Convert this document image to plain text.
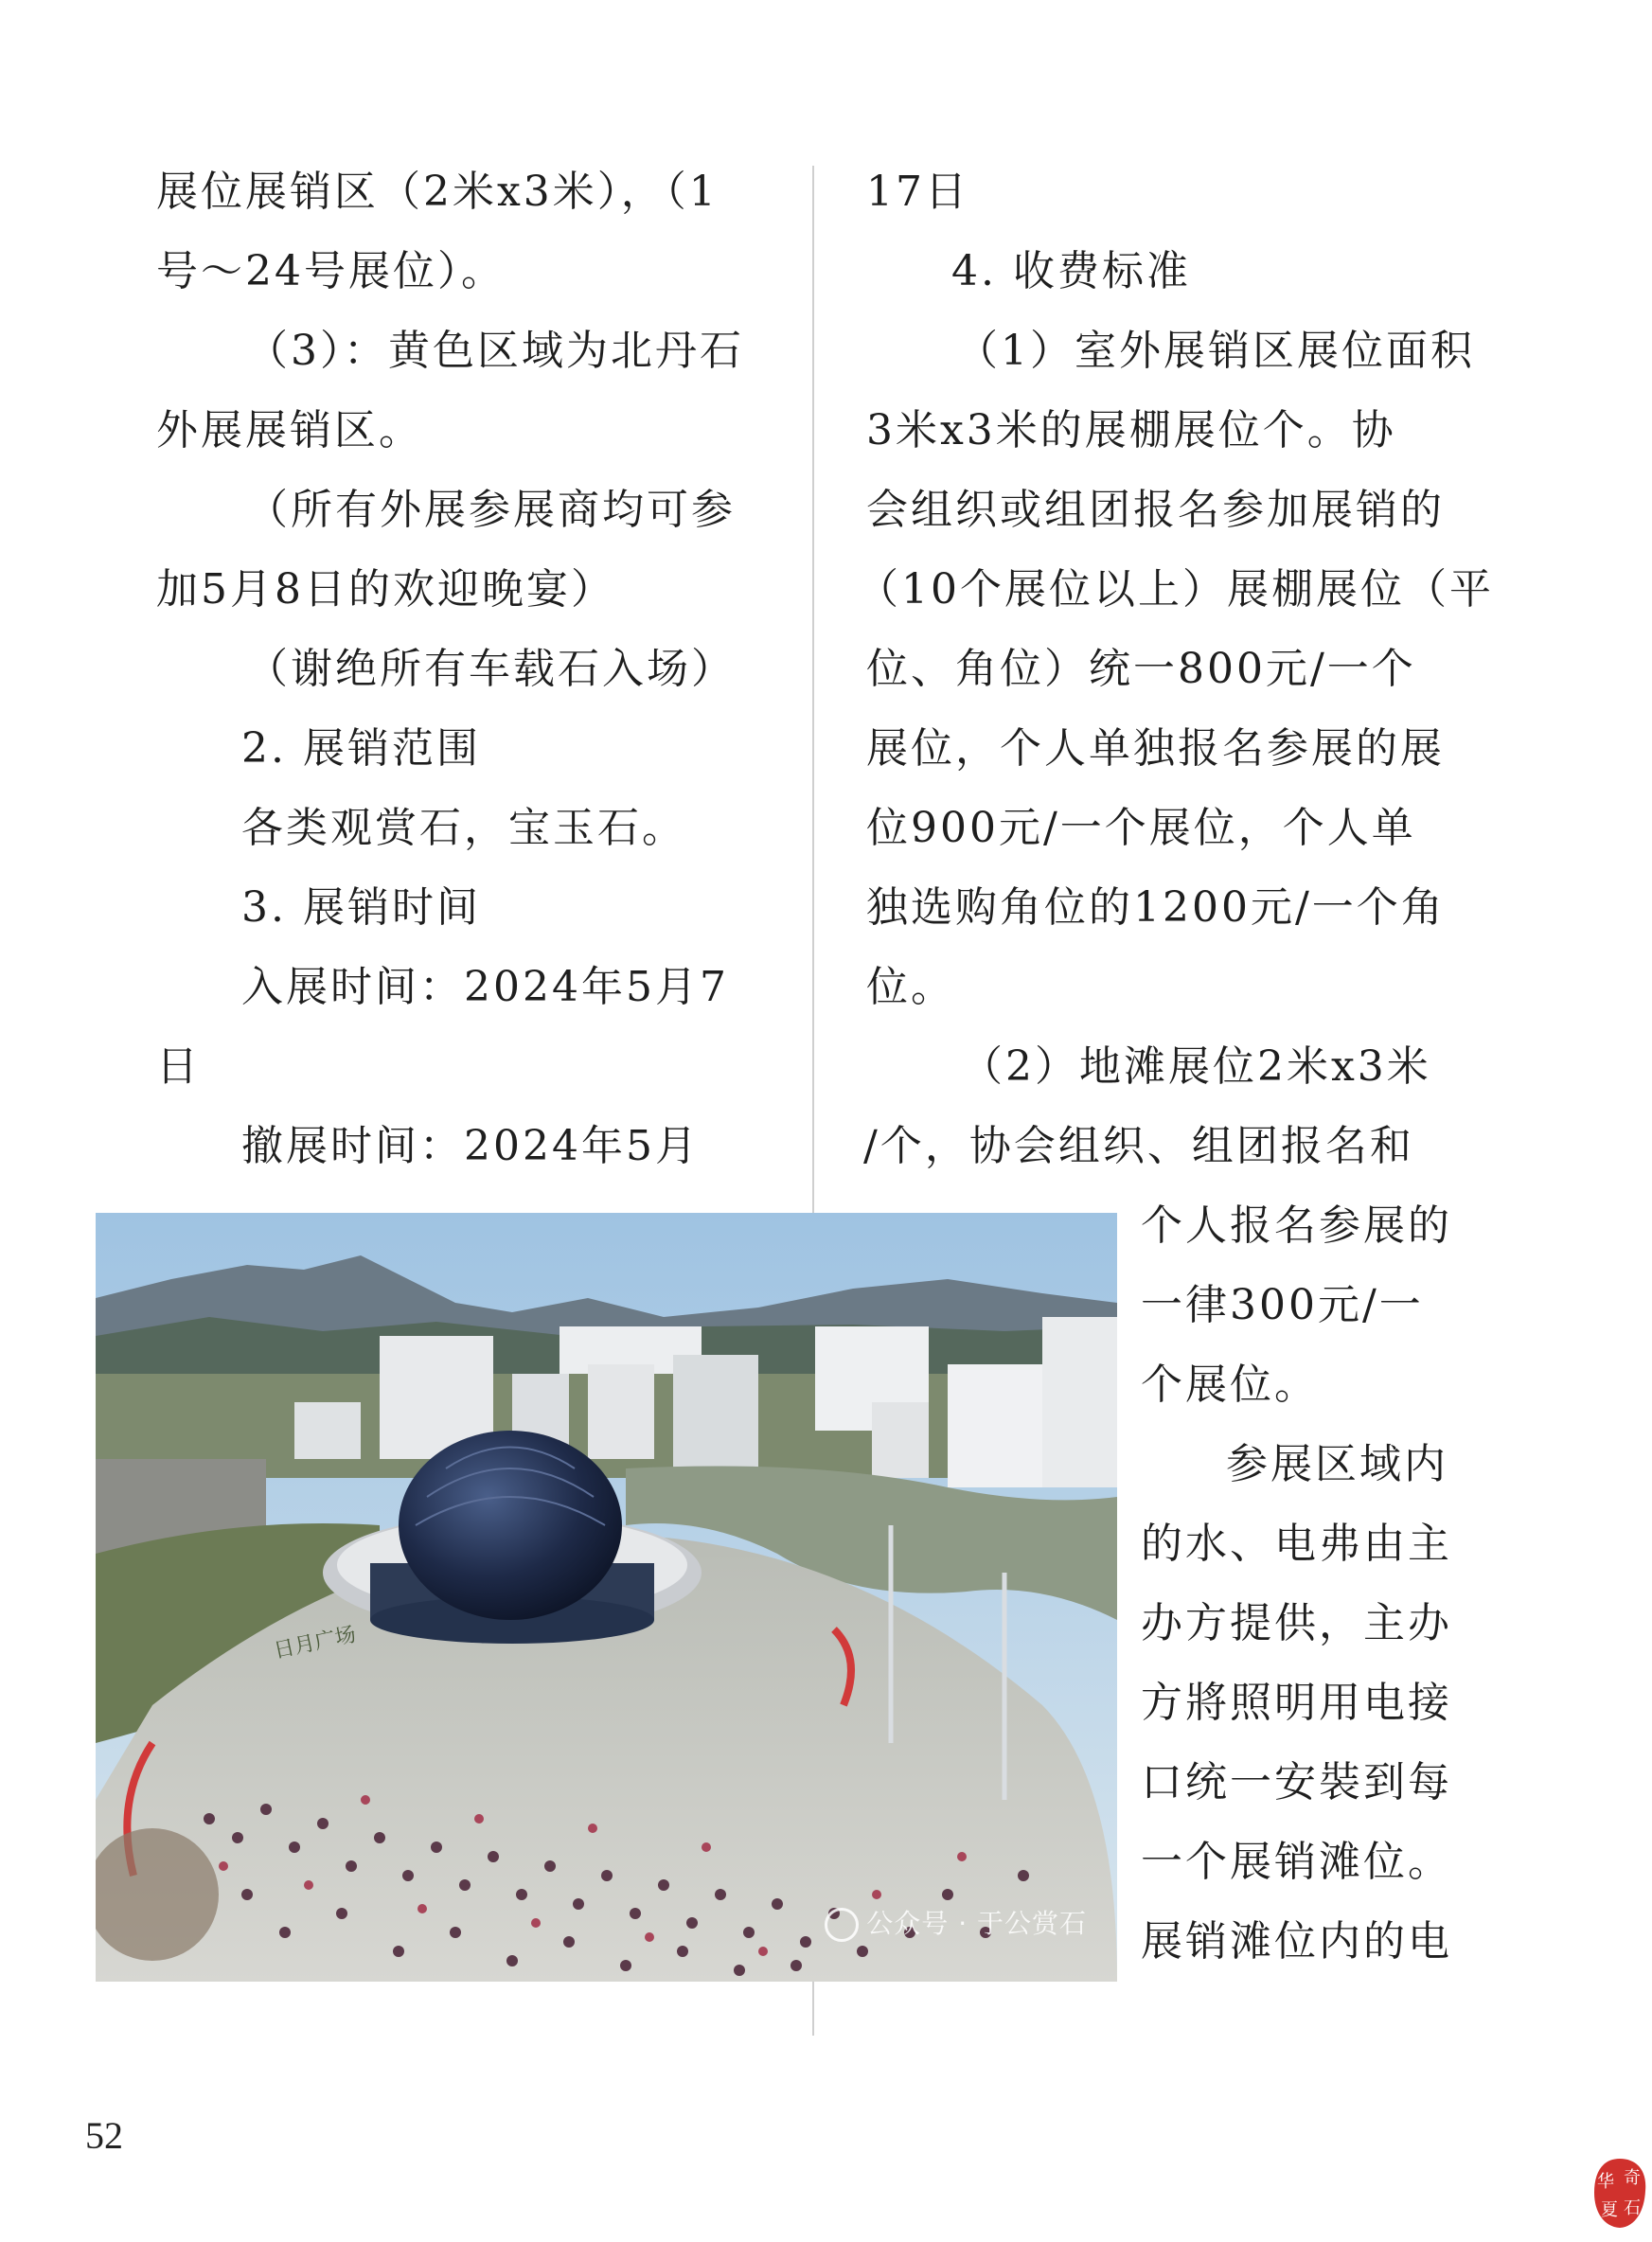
展位展销区（2米x3米），（1
号～24号展位）。
（3）：黄色区域为北丹石
外展展销区。
（所有外展参展商均可参
加5月8日的欢迎晚宴）
（谢绝所有车载石入场）
2. 展销范围
各类观赏石，宝玉石。
3. 展销时间
入展时间：2024年5月7
日
撤展时间：2024年5月
17日
4. 收费标准
（1）室外展销区展位面积
3米x3米的展棚展位个。协
会组织或组团报名参加展销的
（10个展位以上）展棚展位（平
位、角位）统一800元/一个
展位，个人单独报名参展的展
位900元/一个展位，个人单
独选购角位的1200元/一个角
位。
（2）地滩展位2米x3米
/个，协会组织、组团报名和
个人报名参展的
一律300元/一
个展位。
参展区域内
的水、电弗由主
办方提供，主办
方將照明用电接
口统一安裝到每
一个展销滩位。
展销滩位内的电
日月广场
公众号 · 于公赏石
52
华 奇
夏 石
